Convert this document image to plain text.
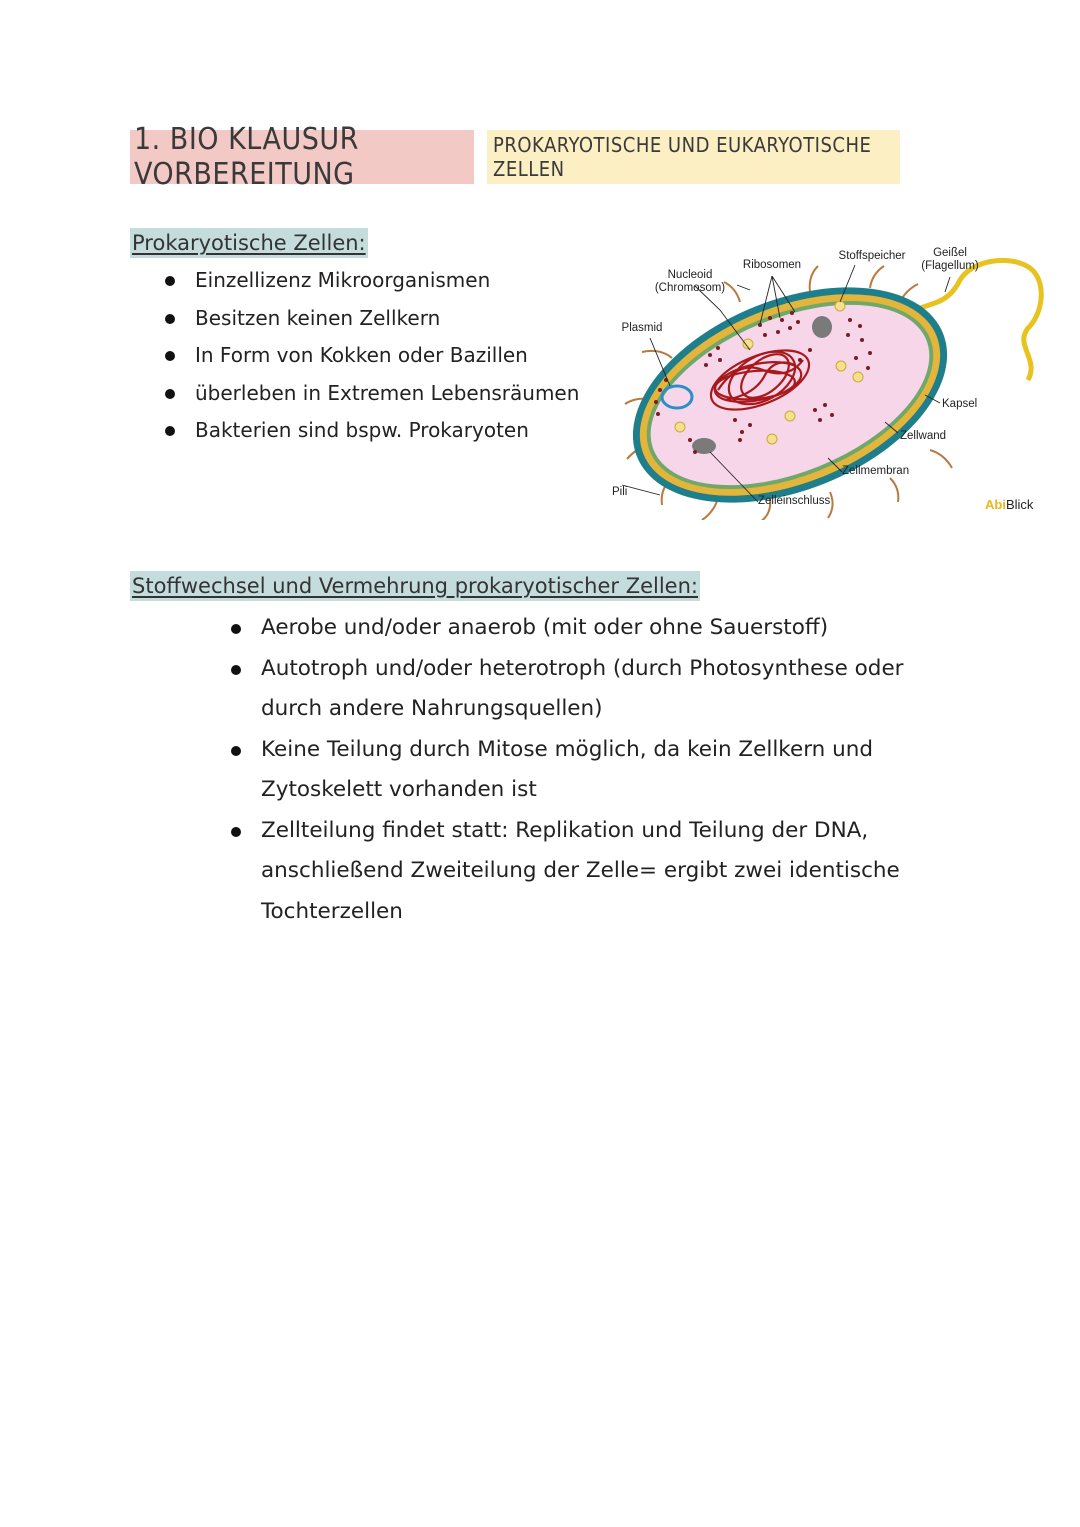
1. BIO KLAUSUR VORBEREITUNG
PROKARYOTISCHE UND EUKARYOTISCHE ZELLEN
Prokaryotische Zellen:
Einzellizenz Mikroorganismen
Besitzen keinen Zellkern
In Form von Kokken oder Bazillen
überleben in Extremen Lebensräumen
Bakterien sind bspw. Prokaryoten
Nucleoid
(Chromosom)
Ribosomen
Stoffspeicher Geißel
(Flagellum)
Plasmid
Kapsel
Zellwand
Zellmembran
Pili
Zelleinschluss	AbiBlick
Stoffwechsel und Vermehrung prokaryotischer Zellen:
Aerobe und/oder anaerob (mit oder ohne Sauerstoff)
Autotroph und/oder heterotroph (durch Photosynthese oder durch andere Nahrungsquellen)
Keine Teilung durch Mitose möglich, da kein Zellkern und Zytoskelett vorhanden ist
Zellteilung findet statt: Replikation und Teilung der DNA, anschließend Zweiteilung der Zelle= ergibt zwei identische Tochterzellen
